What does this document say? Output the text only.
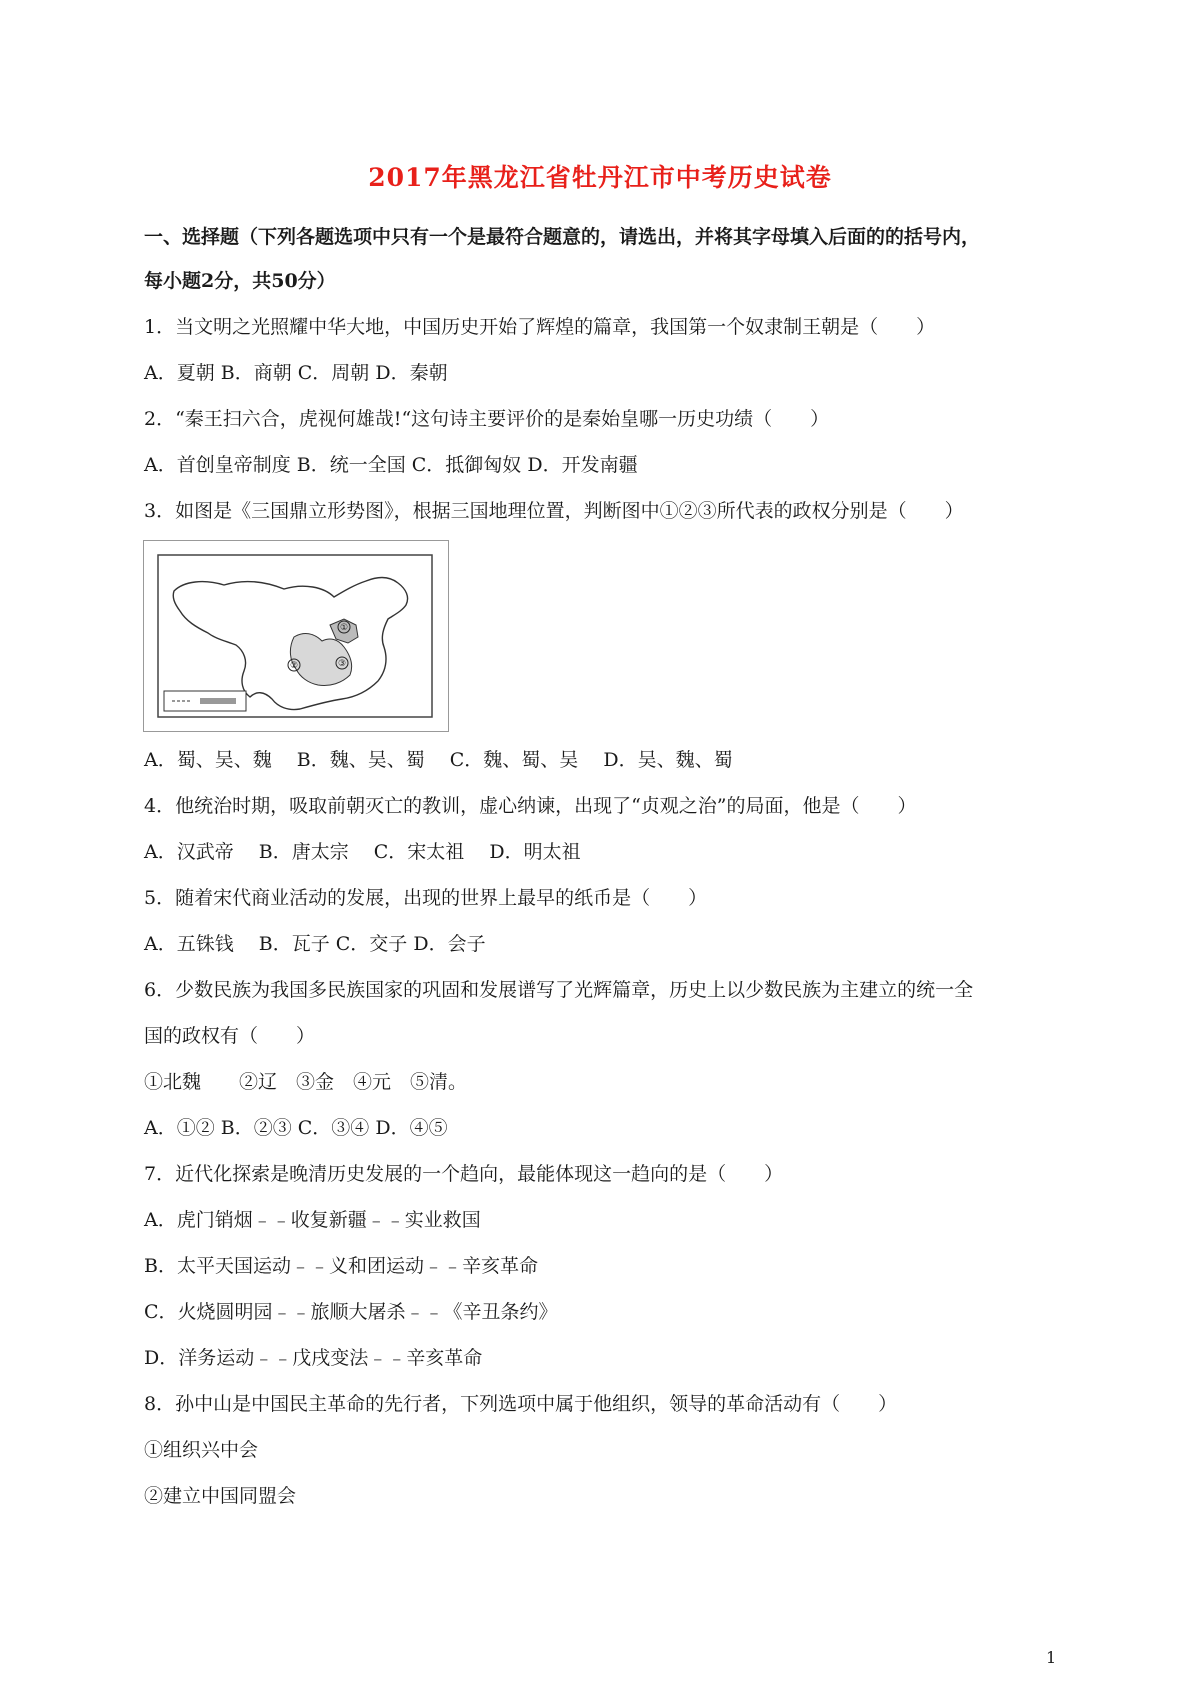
2017年黑龙江省牡丹江市中考历史试卷
一、选择题（下列各题选项中只有一个是最符合题意的，请选出，并将其字母填入后面的的括号内，
每小题2分，共50分）
1．当文明之光照耀中华大地，中国历史开始了辉煌的篇章，我国第一个奴隶制王朝是（　　）
A．夏朝 B．商朝 C．周朝 D．秦朝
2．“秦王扫六合，虎视何雄哉!“这句诗主要评价的是秦始皇哪一历史功绩（　　）
A．首创皇帝制度 B．统一全国 C．抵御匈奴 D．开发南疆
3．如图是《三国鼎立形势图》，根据三国地理位置，判断图中①②③所代表的政权分别是（　　）
①
②	③
A．蜀、吴、魏　 B．魏、吴、蜀　 C．魏、蜀、吴　 D．吴、魏、蜀
4．他统治时期，吸取前朝灭亡的教训，虚心纳谏，出现了“贞观之治”的局面，他是（　　）
A．汉武帝　 B．唐太宗　 C．宋太祖　 D．明太祖
5．随着宋代商业活动的发展，出现的世界上最早的纸币是（　　）
A．五铢钱　 B．瓦子 C．交子 D．会子
6．少数民族为我国多民族国家的巩固和发展谱写了光辉篇章，历史上以少数民族为主建立的统一全
国的政权有（　　）
①北魏　　②辽　③金　④元　⑤清。
A．①② B．②③ C．③④ D．④⑤
7．近代化探索是晚清历史发展的一个趋向，最能体现这一趋向的是（　　）
A．虎门销烟﹣﹣收复新疆﹣﹣实业救国
B．太平天国运动﹣﹣义和团运动﹣﹣辛亥革命
C．火烧圆明园﹣﹣旅顺大屠杀﹣﹣《辛丑条约》
D．洋务运动﹣﹣戊戌变法﹣﹣辛亥革命
8．孙中山是中国民主革命的先行者，下列选项中属于他组织，领导的革命活动有（　　）
①组织兴中会
②建立中国同盟会
1
